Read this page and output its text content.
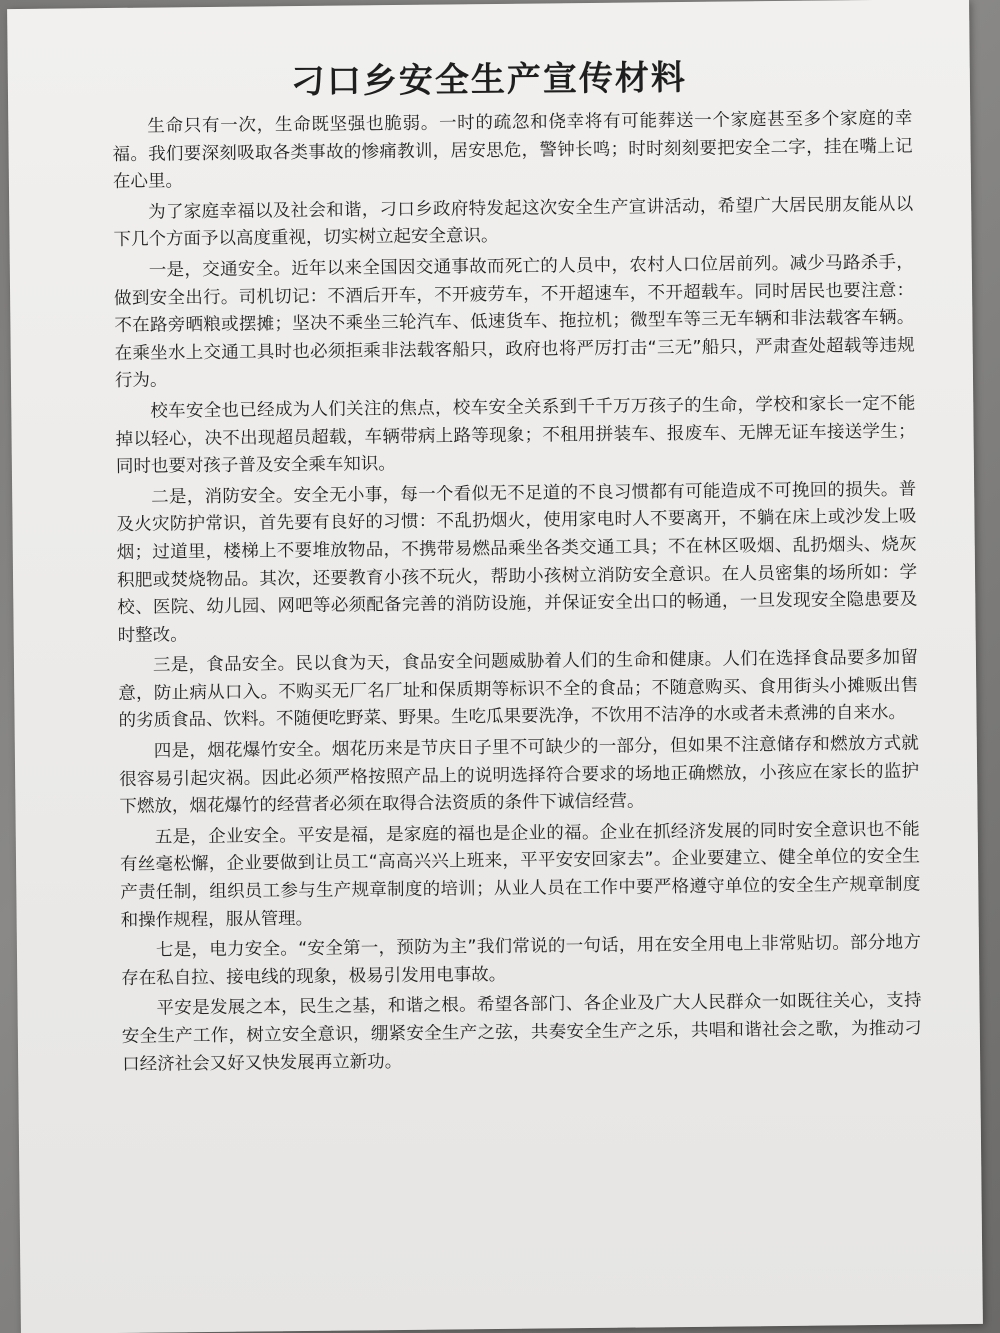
刁口乡安全生产宣传材料

生命只有一次，生命既坚强也脆弱。一时的疏忽和侥幸将有可能葬送一个家庭甚至多个家庭的幸福。我们要深刻吸取各类事故的惨痛教训，居安思危，警钟长鸣；时时刻刻要把安全二字，挂在嘴上记在心里。

为了家庭幸福以及社会和谐，刁口乡政府特发起这次安全生产宣讲活动，希望广大居民朋友能从以下几个方面予以高度重视，切实树立起安全意识。

一是，交通安全。近年以来全国因交通事故而死亡的人员中，农村人口位居前列。减少马路杀手，做到安全出行。司机切记：不酒后开车，不开疲劳车，不开超速车，不开超载车。同时居民也要注意：不在路旁晒粮或摆摊；坚决不乘坐三轮汽车、低速货车、拖拉机；微型车等三无车辆和非法载客车辆。在乘坐水上交通工具时也必须拒乘非法载客船只，政府也将严厉打击“三无”船只，严肃查处超载等违规行为。

校车安全也已经成为人们关注的焦点，校车安全关系到千千万万孩子的生命，学校和家长一定不能掉以轻心，决不出现超员超载，车辆带病上路等现象；不租用拼装车、报废车、无牌无证车接送学生；同时也要对孩子普及安全乘车知识。

二是，消防安全。安全无小事，每一个看似无不足道的不良习惯都有可能造成不可挽回的损失。普及火灾防护常识，首先要有良好的习惯：不乱扔烟火，使用家电时人不要离开，不躺在床上或沙发上吸烟；过道里，楼梯上不要堆放物品，不携带易燃品乘坐各类交通工具；不在林区吸烟、乱扔烟头、烧灰积肥或焚烧物品。其次，还要教育小孩不玩火，帮助小孩树立消防安全意识。在人员密集的场所如：学校、医院、幼儿园、网吧等必须配备完善的消防设施，并保证安全出口的畅通，一旦发现安全隐患要及时整改。

三是，食品安全。民以食为天，食品安全问题威胁着人们的生命和健康。人们在选择食品要多加留意，防止病从口入。不购买无厂名厂址和保质期等标识不全的食品；不随意购买、食用街头小摊贩出售的劣质食品、饮料。不随便吃野菜、野果。生吃瓜果要洗净，不饮用不洁净的水或者未煮沸的自来水。

四是，烟花爆竹安全。烟花历来是节庆日子里不可缺少的一部分，但如果不注意储存和燃放方式就很容易引起灾祸。因此必须严格按照产品上的说明选择符合要求的场地正确燃放，小孩应在家长的监护下燃放，烟花爆竹的经营者必须在取得合法资质的条件下诚信经营。

五是，企业安全。平安是福，是家庭的福也是企业的福。企业在抓经济发展的同时安全意识也不能有丝毫松懈，企业要做到让员工“高高兴兴上班来，平平安安回家去”。企业要建立、健全单位的安全生产责任制，组织员工参与生产规章制度的培训；从业人员在工作中要严格遵守单位的安全生产规章制度和操作规程，服从管理。

七是，电力安全。“安全第一，预防为主”我们常说的一句话，用在安全用电上非常贴切。部分地方存在私自拉、接电线的现象，极易引发用电事故。

平安是发展之本，民生之基，和谐之根。希望各部门、各企业及广大人民群众一如既往关心，支持安全生产工作，树立安全意识，绷紧安全生产之弦，共奏安全生产之乐，共唱和谐社会之歌，为推动刁口经济社会又好又快发展再立新功。
